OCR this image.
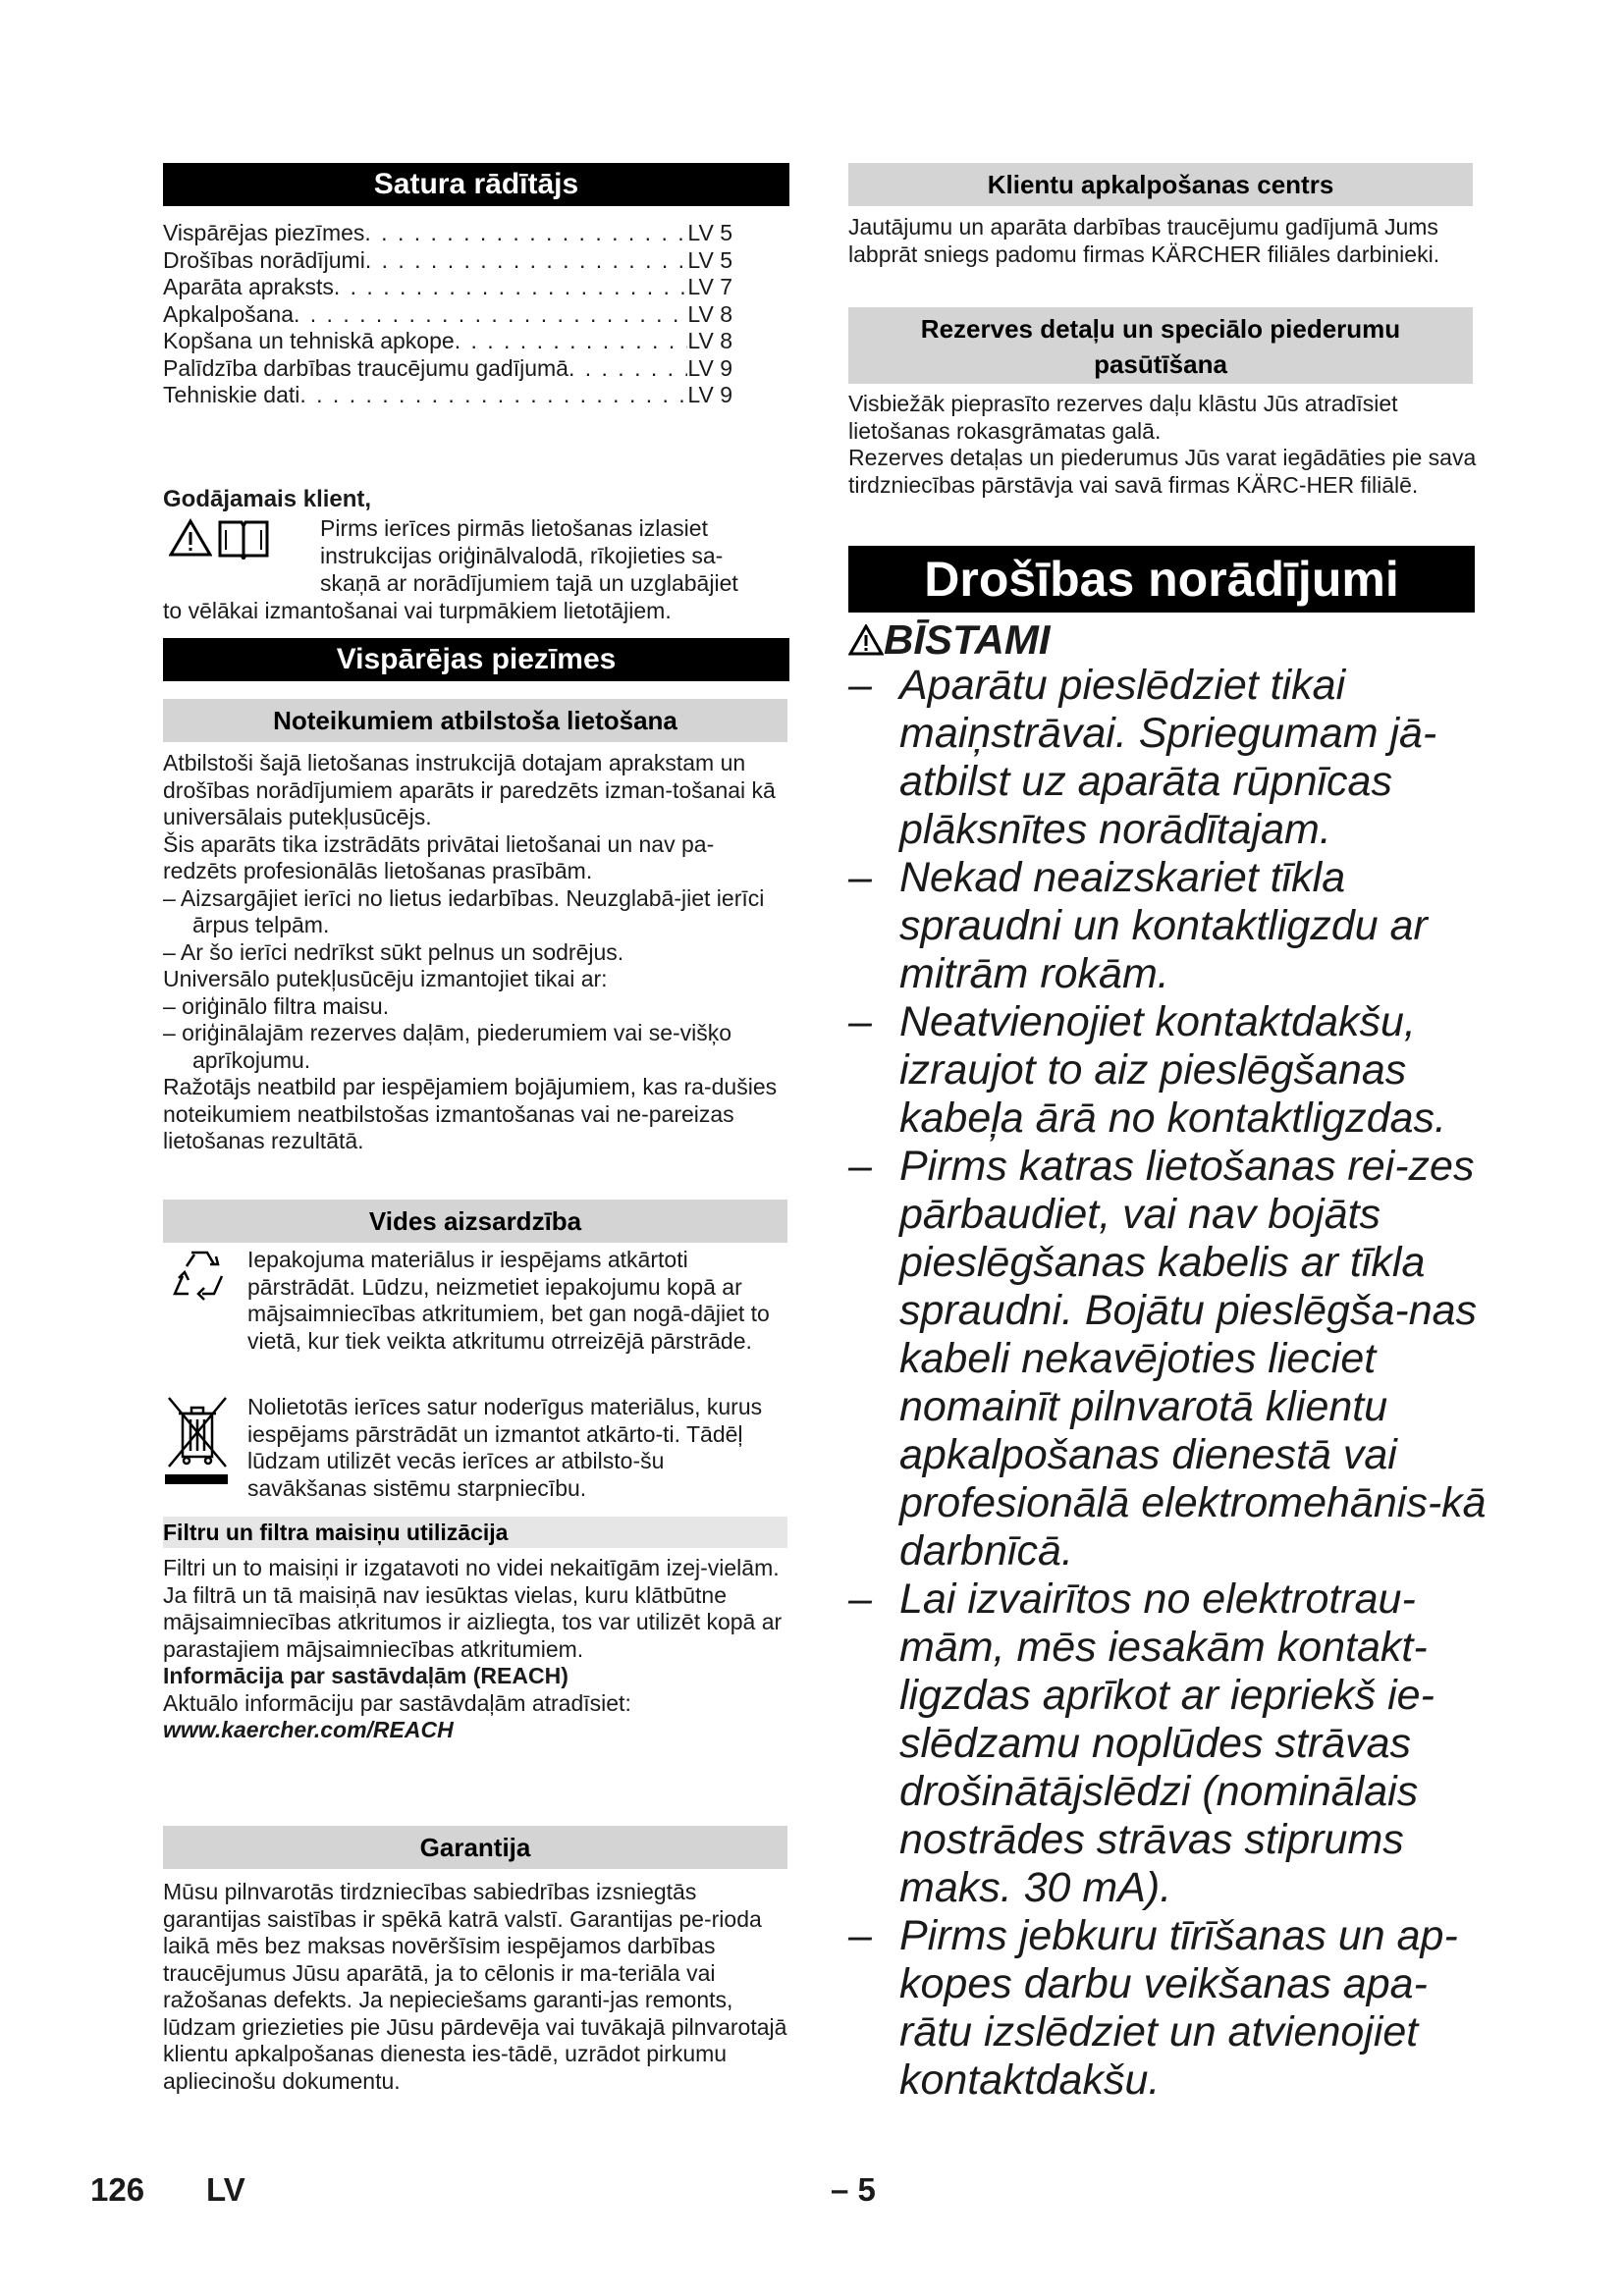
Satura rādītājs
Vispārējas piezīmes . . .	LV 5
Drošības norādījumi . . .	LV 5
Aparāta apraksts . . .	LV 7
Apkalpošana . . .	LV 8
Kopšana un tehniskā apkope . . .	LV 8
Palīdzība darbības traucējumu gadījumā . . .	LV 9
Tehniskie dati . . .	LV 9
Godājamais klient,
Pirms ierīces pirmās lietošanas izlasiet
instrukcijas oriģinālvalodā, rīkojieties sa-
skaņā ar norādījumiem tajā un uzglabājiet
to vēlākai izmantošanai vai turpmākiem lietotājiem.
Vispārējas piezīmes
Noteikumiem atbilstoša lietošana

Atbilstoši šajā lietošanas instrukcijā dotajam aprakstam un drošības norādījumiem aparāts ir paredzēts izman-tošanai kā universālais putekļusūcējs.

Šis aparāts tika izstrādāts privātai lietošanai un nav pa-redzēts profesionālās lietošanas prasībām.

– Aizsargājiet ierīci no lietus iedarbības. Neuzglabā-jiet ierīci ārpus telpām.

– Ar šo ierīci nedrīkst sūkt pelnus un sodrējus.

Universālo putekļusūcēju izmantojiet tikai ar:

– oriģinālo filtra maisu.

– oriģinālajām rezerves daļām, piederumiem vai se-višķo aprīkojumu.

Ražotājs neatbild par iespējamiem bojājumiem, kas ra-dušies noteikumiem neatbilstošas izmantošanas vai ne-pareizas lietošanas rezultātā.

Vides aizsardzība
Iepakojuma materiālus ir iespējams atkārtoti pārstrādāt. Lūdzu, neizmetiet iepakojumu kopā ar mājsaimniecības atkritumiem, bet gan nogā-dājiet to vietā, kur tiek veikta atkritumu otrreizējā pārstrāde.
Nolietotās ierīces satur noderīgus materiālus, kurus iespējams pārstrādāt un izmantot atkārto-ti. Tādēļ lūdzam utilizēt vecās ierīces ar atbilsto-šu savākšanas sistēmu starpniecību.
Filtru un filtra maisiņu utilizācija

Filtri un to maisiņi ir izgatavoti no videi nekaitīgām izej-vielām.

Ja filtrā un tā maisiņā nav iesūktas vielas, kuru klātbūtne mājsaimniecības atkritumos ir aizliegta, tos var utilizēt kopā ar parastajiem mājsaimniecības atkritumiem.

Informācija par sastāvdaļām (REACH)

Aktuālo informāciju par sastāvdaļām atradīsiet:

www.kaercher.com/REACH

Garantija
Mūsu pilnvarotās tirdzniecības sabiedrības izsniegtās garantijas saistības ir spēkā katrā valstī. Garantijas pe-rioda laikā mēs bez maksas novēršīsim iespējamos darbības traucējumus Jūsu aparātā, ja to cēlonis ir ma-teriāla vai ražošanas defekts. Ja nepieciešams garanti-jas remonts, lūdzam griezieties pie Jūsu pārdevēja vai tuvākajā pilnvarotajā klientu apkalpošanas dienesta ies-tādē, uzrādot pirkumu apliecinošu dokumentu.
Klientu apkalpošanas centrs
Jautājumu un aparāta darbības traucējumu gadījumā Jums labprāt sniegs padomu firmas KÄRCHER filiāles darbinieki.
Rezerves detaļu un speciālo piederumu
pasūtīšana

Visbiežāk pieprasīto rezerves daļu klāstu Jūs atradīsiet lietošanas rokasgrāmatas galā.

Rezerves detaļas un piederumus Jūs varat iegādāties pie sava tirdzniecības pārstāvja vai savā firmas KÄRC-HER filiālē.

Drošības norādījumi
BĪSTAMI
– Aparātu pieslēdziet tikai maiņstrāvai. Spriegumam jā-atbilst uz aparāta rūpnīcas plāksnītes norādītajam.
– Nekad neaizskariet tīkla spraudni un kontaktligzdu ar mitrām rokām.
– Neatvienojiet kontaktdakšu, izraujot to aiz pieslēgšanas kabeļa ārā no kontaktligzdas.
– Pirms katras lietošanas rei-zes pārbaudiet, vai nav bojāts pieslēgšanas kabelis ar tīkla spraudni. Bojātu pieslēgša-nas kabeli nekavējoties lieciet nomainīt pilnvarotā klientu apkalpošanas dienestā vai profesionālā elektromehānis-kā darbnīcā.
– Lai izvairītos no elektrotrau-mām, mēs iesakām kontakt-ligzdas aprīkot ar iepriekš ie-slēdzamu noplūdes strāvas drošinātājslēdzi (nominālais nostrādes strāvas stiprums maks. 30 mA).
– Pirms jebkuru tīrīšanas un ap-kopes darbu veikšanas apa-rātu izslēdziet un atvienojiet kontaktdakšu.
126 LV	– 5
